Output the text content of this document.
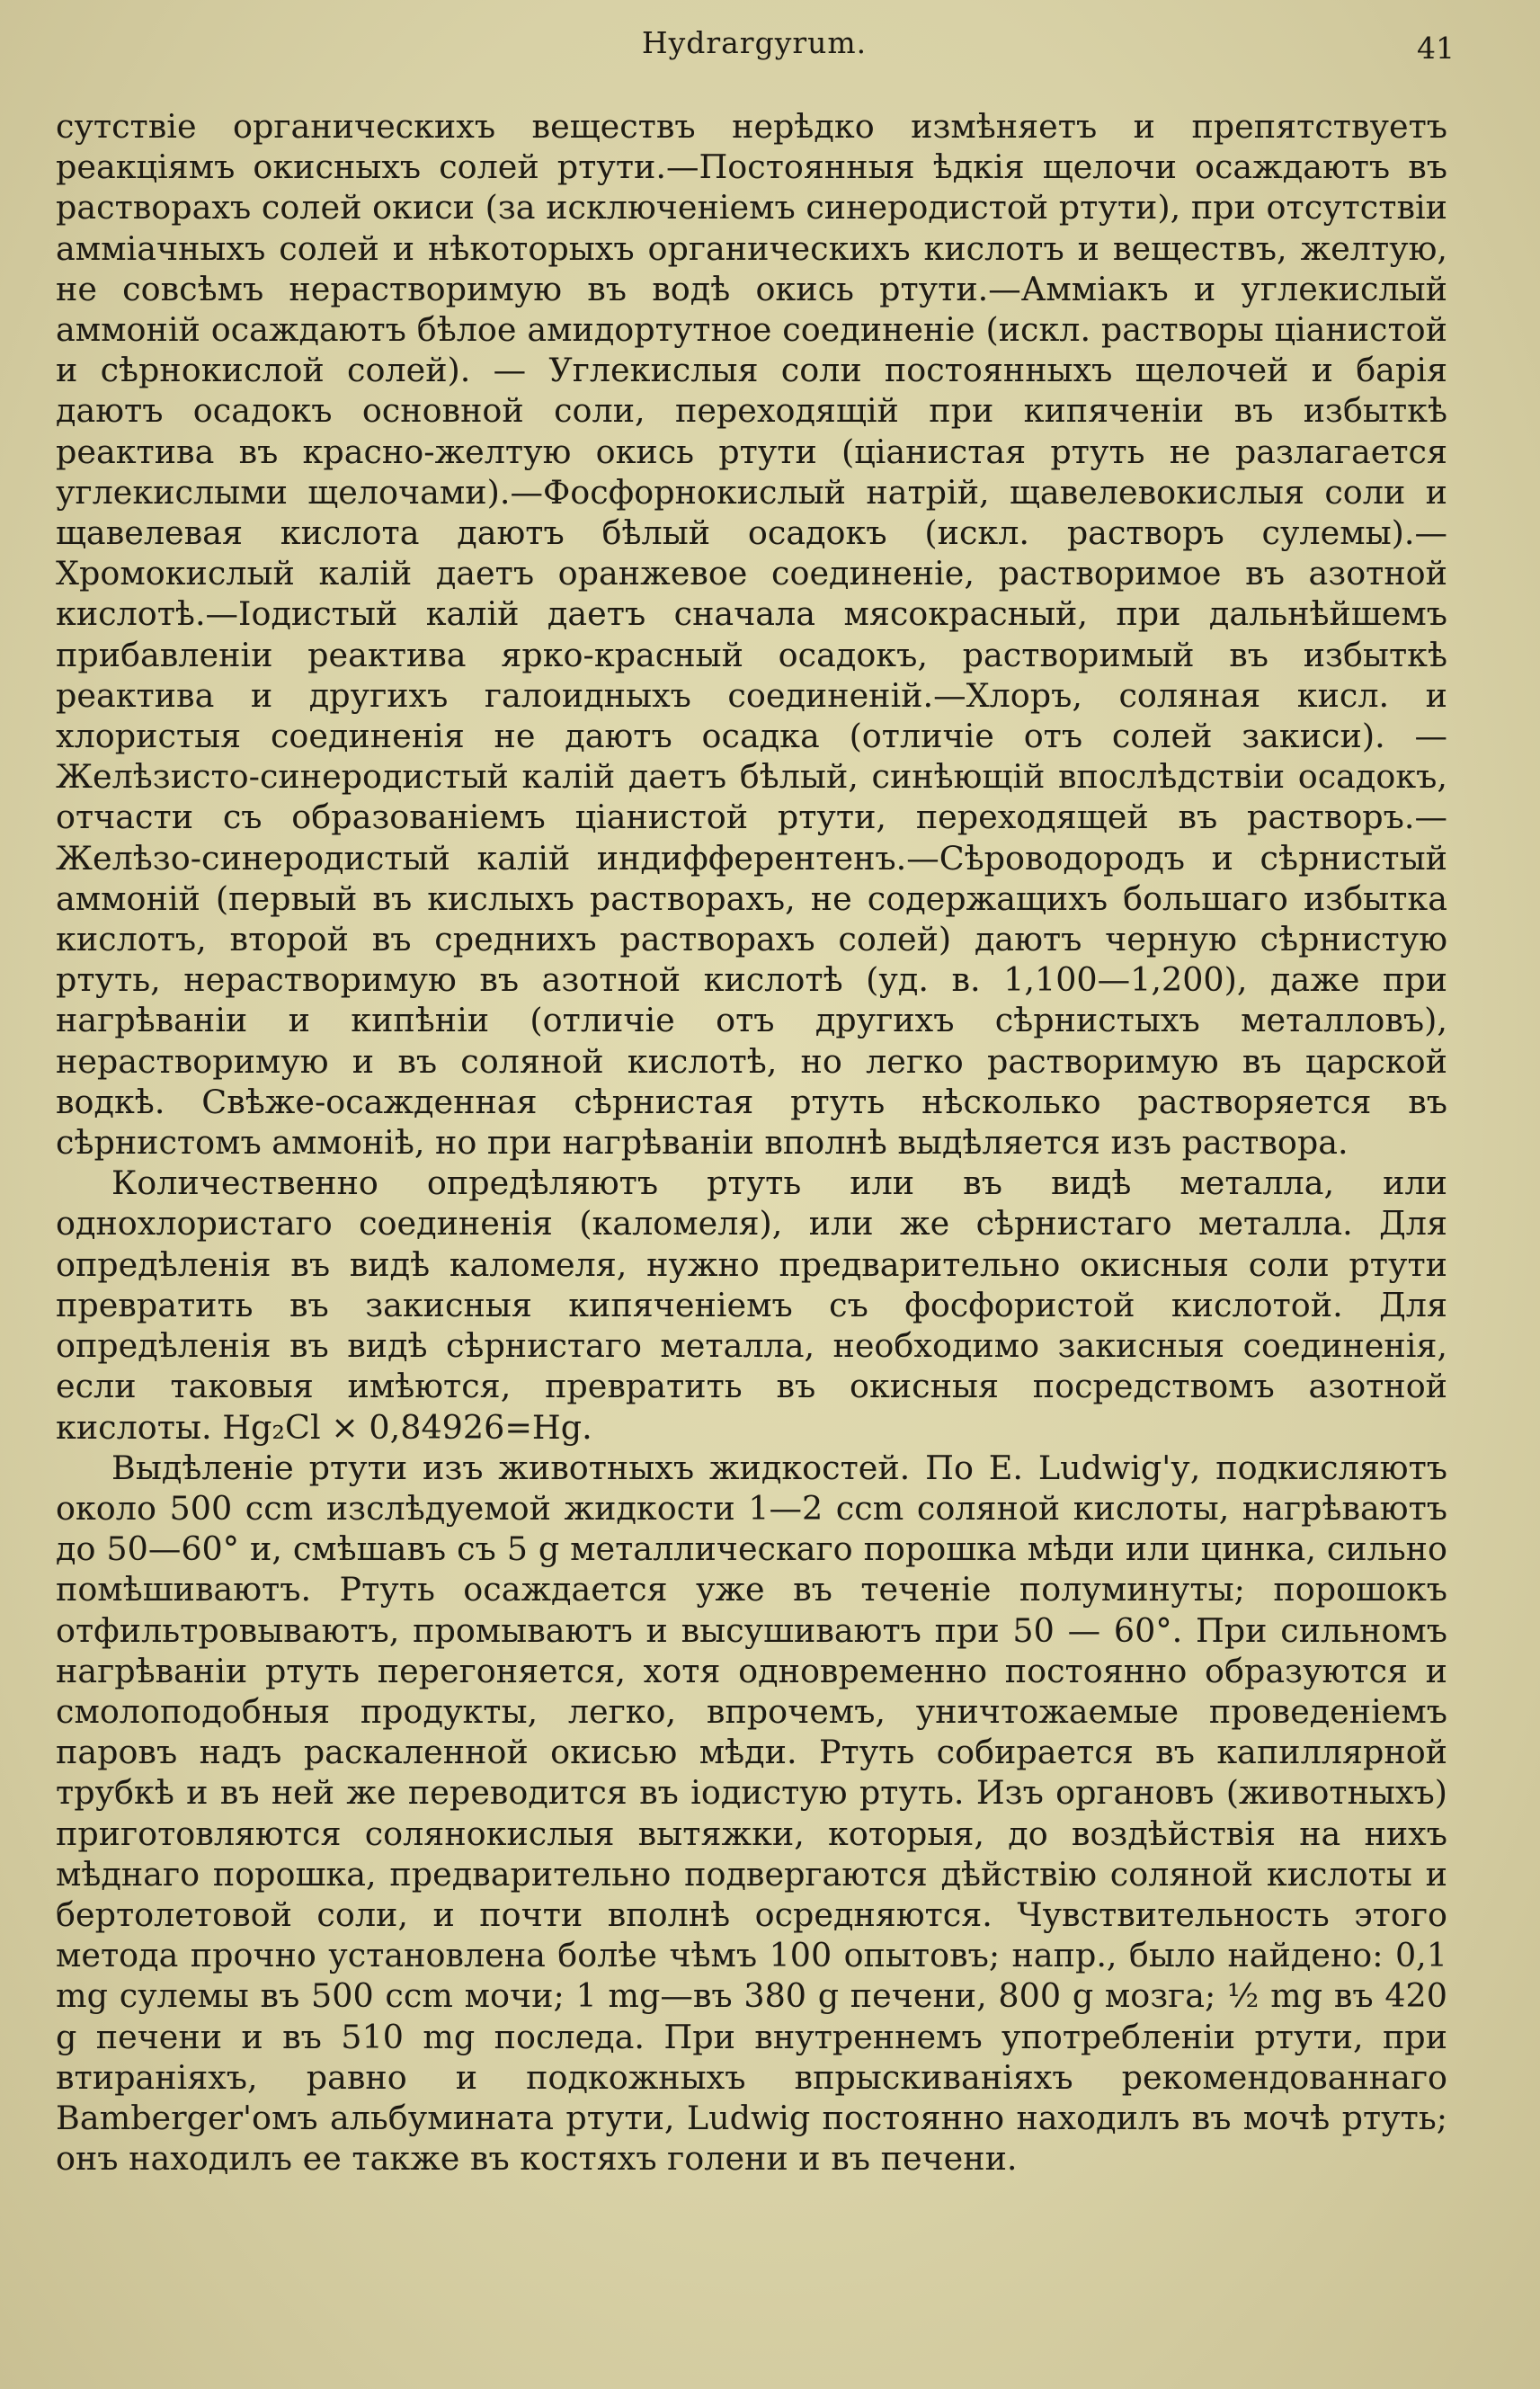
Hydrargyrum.	41

сутствіе органическихъ веществъ нерѣдко измѣняетъ и препятствуетъ реакціямъ окисныхъ солей ртути.—Постоянныя ѣдкія щелочи осаждаютъ въ растворахъ солей окиси (за исключеніемъ синеродистой ртути), при отсутствіи амміачныхъ солей и нѣкоторыхъ органическихъ кислотъ и веществъ, желтую, не совсѣмъ нерастворимую въ водѣ окись ртути.—Аммiакъ и углекислый аммонiй осаждаютъ бѣлое амидортутное соединеніе (искл. растворы ціанистой и сѣрнокислой солей). — Углекислыя соли постоянныхъ щелочей и барія даютъ осадокъ основной соли, переходящій при кипяченіи въ избыткѣ реактива въ красно-желтую окись ртути (ціанистая ртуть не разлагается углекислыми щелочами).—Фосфорнокислый натрій, щавелевокислыя соли и щавелевая кислота даютъ бѣлый осадокъ (искл. растворъ сулемы).—Хромокислый калій даетъ оранжевое соединеніе, растворимое въ азотной кислотѣ.—Іодистый калій даетъ сначала мясокрасный, при дальнѣйшемъ прибавленіи реактива ярко-красный осадокъ, растворимый въ избыткѣ реактива и другихъ галоидныхъ соединеній.—Хлоръ, соляная кисл. и хлористыя соединенія не даютъ осадка (отличіе отъ солей закиси). — Желѣзисто-синеродистый калій даетъ бѣлый, синѣющій впослѣдствіи осадокъ, отчасти съ образованіемъ ціанистой ртути, переходящей въ растворъ.—Желѣзо-синеродистый калій индифферентенъ.—Сѣроводородъ и сѣрнистый аммоній (первый въ кислыхъ растворахъ, не содержащихъ большаго избытка кислотъ, второй въ среднихъ растворахъ солей) даютъ черную сѣрнистую ртуть, нерастворимую въ азотной кислотѣ (уд. в. 1,100—1,200), даже при нагрѣваніи и кипѣніи (отличіе отъ другихъ сѣрнистыхъ металловъ), нерастворимую и въ соляной кислотѣ, но легко растворимую въ царской водкѣ. Свѣже-осажденная сѣрнистая ртуть нѣсколько растворяется въ сѣрнистомъ аммоніѣ, но при нагрѣваніи вполнѣ выдѣляется изъ раствора.

Количественно опредѣляютъ ртуть или въ видѣ металла, или однохлористаго соединенія (каломеля), или же сѣрнистаго металла. Для опредѣленія въ видѣ каломеля, нужно предварительно окисныя соли ртути превратить въ закисныя кипяченіемъ съ фосфористой кислотой. Для опредѣленія въ видѣ сѣрнистаго металла, необходимо закисныя соединенія, если таковыя имѣются, превратить въ окисныя посредствомъ азотной кислоты. Hg₂Cl × 0,84926=Hg.

Выдѣленіе ртути изъ животныхъ жидкостей. По E. Ludwig'у, подкисляютъ около 500 ccm изслѣдуемой жидкости 1—2 ccm соляной кислоты, нагрѣваютъ до 50—60° и, смѣшавъ съ 5 g металлическаго порошка мѣди или цинка, сильно помѣшиваютъ. Ртуть осаждается уже въ теченіе полуминуты; порошокъ отфильтровываютъ, промываютъ и высушиваютъ при 50 — 60°. При сильномъ нагрѣваніи ртуть перегоняется, хотя одновременно постоянно образуются и смолоподобныя продукты, легко, впрочемъ, уничтожаемые проведеніемъ паровъ надъ раскаленной окисью мѣди. Ртуть собирается въ капиллярной трубкѣ и въ ней же переводится въ іодистую ртуть. Изъ органовъ (животныхъ) приготовляются солянокислыя вытяжки, которыя, до воздѣйствія на нихъ мѣднаго порошка, предварительно подвергаются дѣйствію соляной кислоты и бертолетовой соли, и почти вполнѣ осредняются. Чувствительность этого метода прочно установлена болѣе чѣмъ 100 опытовъ; напр., было найдено: 0,1 mg сулемы въ 500 ccm мочи; 1 mg—въ 380 g печени, 800 g мозга; ½ mg въ 420 g печени и въ 510 mg последа. При внутреннемъ употребленіи ртути, при втираніяхъ, равно и подкожныхъ впрыскиваніяхъ рекомендованнаго Bamberger'омъ альбумината ртути, Ludwig постоянно находилъ въ мочѣ ртуть; онъ находилъ ее также въ костяхъ голени и въ печени.
